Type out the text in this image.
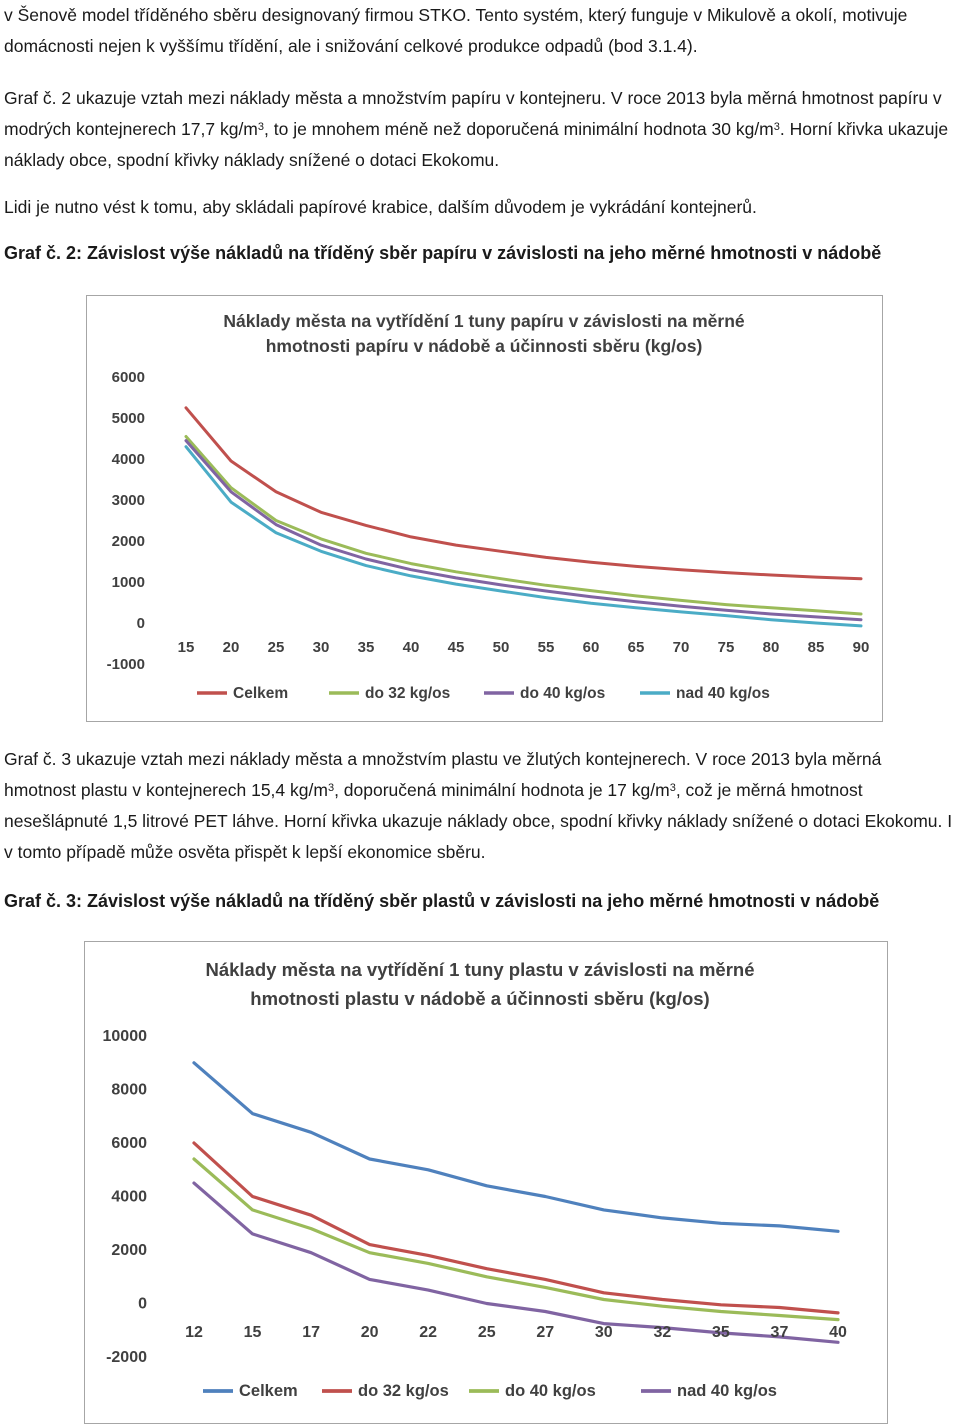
v Šenově model tříděného sběru designovaný firmou STKO. Tento systém, který funguje v Mikulově a okolí, motivuje domácnosti nejen k vyššímu třídění, ale i snižování celkové produkce odpadů (bod 3.1.4).

Graf č. 2 ukazuje vztah mezi náklady města a množstvím papíru v kontejneru. V roce 2013 byla měrná hmotnost papíru v modrých kontejnerech 17,7 $kg/m^3$, to je mnohem méně než doporučená minimální hodnota 30 $kg/m^3$. Horní křivka ukazuje náklady obce, spodní křivky náklady snížené o dotaci Ekokomu.

Lidi je nutno vést k tomu, aby skládali papírové krabice, dalším důvodem je vykrádání kontejnerů.

Graf č. 2: Závislost výše nákladů na tříděný sběr papíru v závislosti na jeho měrné hmotnosti v nádobě

Náklady města na vytřídění 1 tuny papíru v závislosti na měrné
hmotnosti papíru v nádobě a účinnosti sběru (kg/os)
6000
5000
4000
3000
2000
1000
0
-1000
15 20 25 30 35 40 45 50 55 60 65 70 75 80 85 90
Celkem	do 32 kg/os	do 40 kg/os	nad 40 kg/os

Graf č. 3 ukazuje vztah mezi náklady města a množstvím plastu ve žlutých kontejnerech. V roce 2013 byla měrná hmotnost plastu v kontejnerech 15,4 $kg/m^3$, doporučená minimální hodnota je 17 $kg/m^3$, což je měrná hmotnost nesešlápnuté 1,5 litrové PET láhve. Horní křivka ukazuje náklady obce, spodní křivky náklady snížené o dotaci Ekokomu. I v tomto případě může osvěta přispět k lepší ekonomice sběru.

Graf č. 3: Závislost výše nákladů na tříděný sběr plastů v závislosti na jeho měrné hmotnosti v nádobě

Náklady města na vytřídění 1 tuny plastu v závislosti na měrné
hmotnosti plastu v nádobě a účinnosti sběru (kg/os)
10000
8000
6000
4000
2000
0
-2000
12	15	17	20	22	25	27	30	32	35	37	40
Celkem	do 32 kg/os	do 40 kg/os	nad 40 kg/os
